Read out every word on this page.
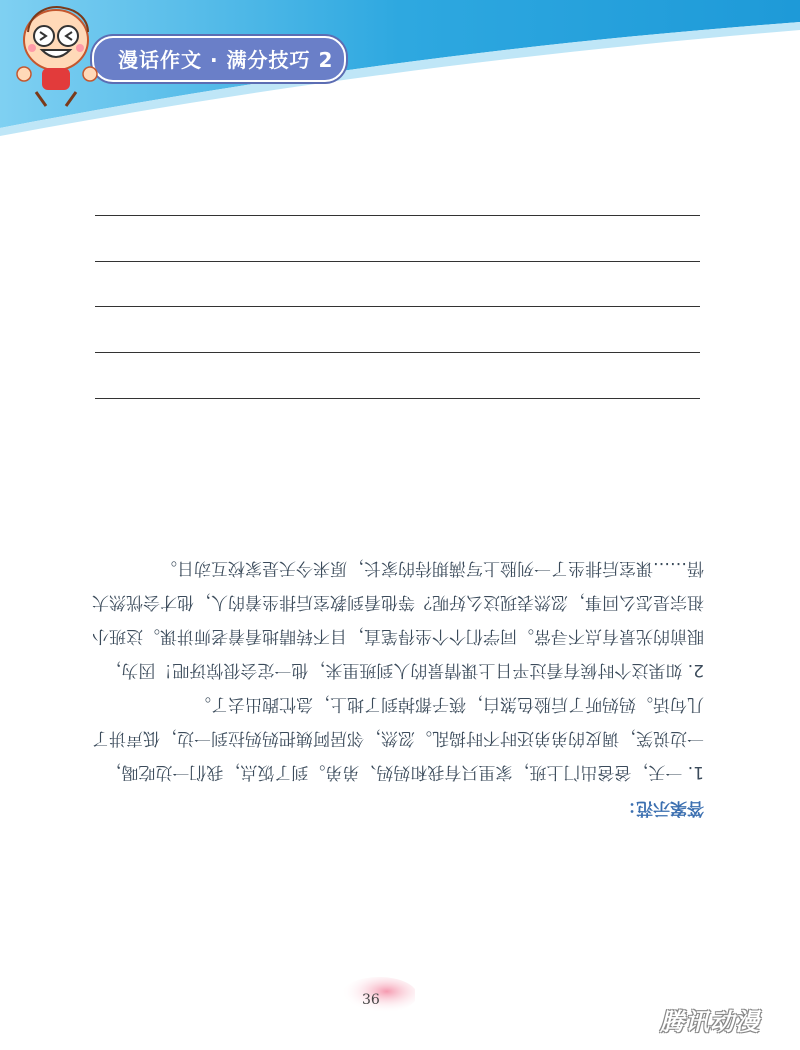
漫话作文 · 满分技巧 2
答案示范：

1. 一天，爸爸出门上班，家里只有我和妈妈、弟弟。到了饭点，我们一边吃喝，一边说笑，调皮的弟弟还时不时捣乱。忽然，邻居阿姨把妈妈拉到一边，低声讲了几句话。妈妈听了后脸色煞白，筷子都掉到了地上，急忙跑出去了。

2. 如果这个时候有看过平日上课情景的人到班里来，他一定会很惊讶吧！因为，眼前的光景有点不寻常。同学们个个坐得笔直，目不转睛地看着老师讲课。这班小祖宗是怎么回事，忽然表现这么好呢？等他看到教室后排坐着的人，他才会恍然大悟……课室后排坐了一列脸上写满期待的家长，原来今天是家校互动日。

36
腾讯动漫
